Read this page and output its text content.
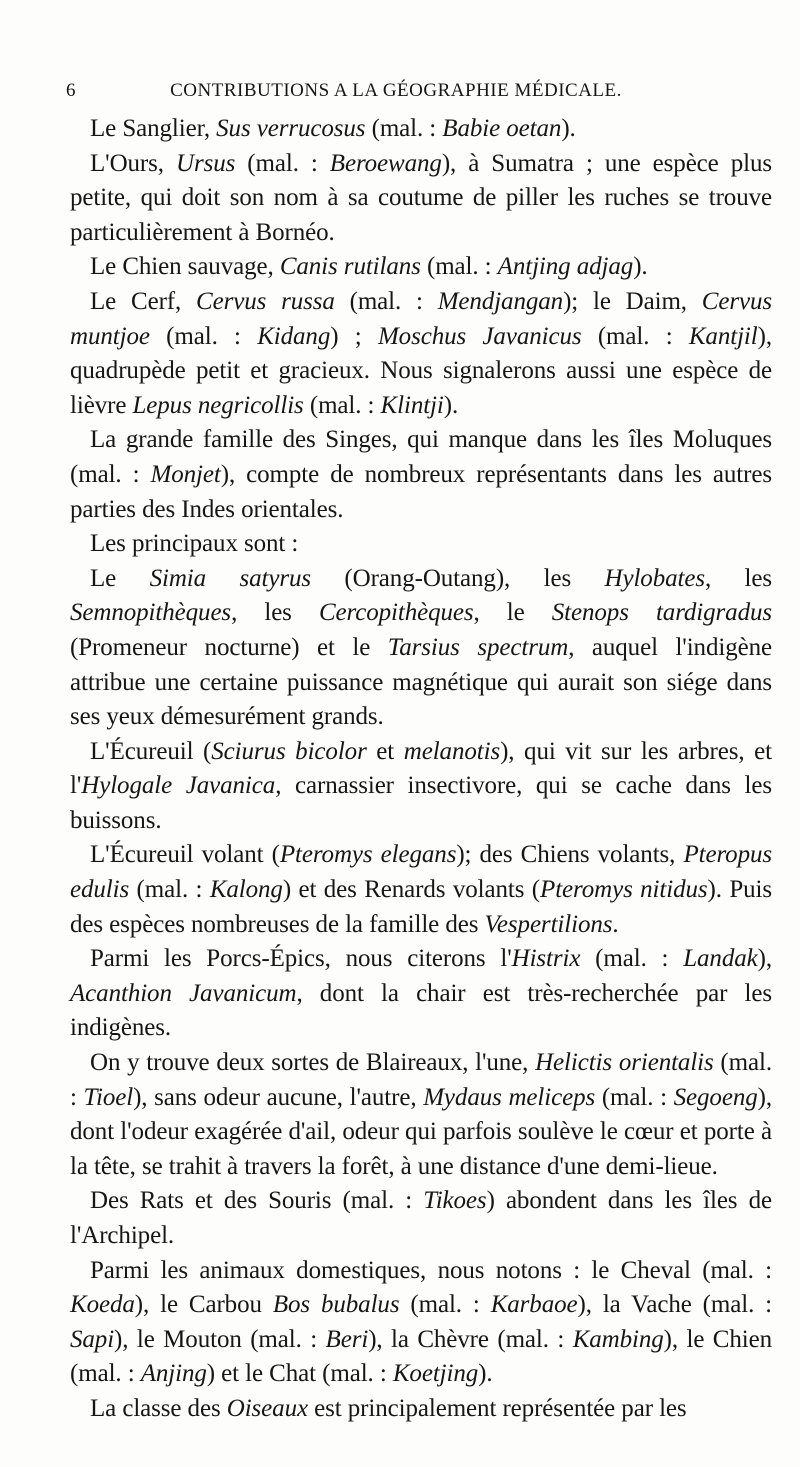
6	CONTRIBUTIONS A LA GÉOGRAPHIE MÉDICALE.

Le Sanglier, Sus verrucosus (mal. : Babie oetan).

L'Ours, Ursus (mal. : Beroewang), à Sumatra ; une espèce plus petite, qui doit son nom à sa coutume de piller les ruches se trouve particulièrement à Bornéo.

Le Chien sauvage, Canis rutilans (mal. : Antjing adjag).

Le Cerf, Cervus russa (mal. : Mendjangan); le Daim, Cervus muntjoe (mal. : Kidang) ; Moschus Javanicus (mal. : Kantjil), quadrupède petit et gracieux. Nous signalerons aussi une espèce de lièvre Lepus negricollis (mal. : Klintji).

La grande famille des Singes, qui manque dans les îles Moluques (mal. : Monjet), compte de nombreux représentants dans les autres parties des Indes orientales.

Les principaux sont :

Le Simia satyrus (Orang-Outang), les Hylobates, les Semnopithèques, les Cercopithèques, le Stenops tardigradus (Promeneur nocturne) et le Tarsius spectrum, auquel l'indigène attribue une certaine puissance magnétique qui aurait son siége dans ses yeux démesurément grands.

L'Écureuil (Sciurus bicolor et melanotis), qui vit sur les arbres, et l'Hylogale Javanica, carnassier insectivore, qui se cache dans les buissons.

L'Écureuil volant (Pteromys elegans); des Chiens volants, Pteropus edulis (mal. : Kalong) et des Renards volants (Pteromys nitidus). Puis des espèces nombreuses de la famille des Vespertilions.

Parmi les Porcs-Épics, nous citerons l'Histrix (mal. : Landak), Acanthion Javanicum, dont la chair est très-recherchée par les indigènes.

On y trouve deux sortes de Blaireaux, l'une, Helictis orientalis (mal. : Tioel), sans odeur aucune, l'autre, Mydaus meliceps (mal. : Segoeng), dont l'odeur exagérée d'ail, odeur qui parfois soulève le cœur et porte à la tête, se trahit à travers la forêt, à une distance d'une demi-lieue.

Des Rats et des Souris (mal. : Tikoes) abondent dans les îles de l'Archipel.

Parmi les animaux domestiques, nous notons : le Cheval (mal. : Koeda), le Carbou Bos bubalus (mal. : Karbaoe), la Vache (mal. : Sapi), le Mouton (mal. : Beri), la Chèvre (mal. : Kambing), le Chien (mal. : Anjing) et le Chat (mal. : Koetjing).

La classe des Oiseaux est principalement représentée par les
